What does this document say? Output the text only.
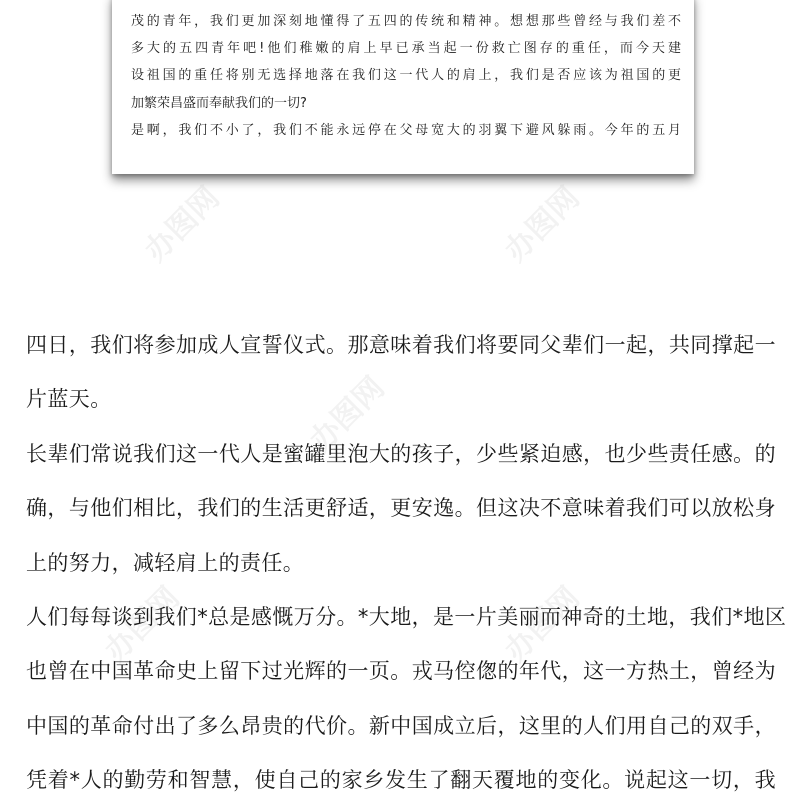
茂的青年，我们更加深刻地懂得了五四的传统和精神。想想那些曾经与我们差不
多大的五四青年吧!他们稚嫩的肩上早已承当起一份救亡图存的重任，而今天建
设祖国的重任将别无选择地落在我们这一代人的肩上，我们是否应该为祖国的更
加繁荣昌盛而奉献我们的一切?
是啊，我们不小了，我们不能永远停在父母宽大的羽翼下避风躲雨。今年的五月
办图网	办图网
办图网
办图网	办图网
四日，我们将参加成人宣誓仪式。那意味着我们将要同父辈们一起，共同撑起一
片蓝天。
长辈们常说我们这一代人是蜜罐里泡大的孩子，少些紧迫感，也少些责任感。的
确，与他们相比，我们的生活更舒适，更安逸。但这决不意味着我们可以放松身
上的努力，减轻肩上的责任。
人们每每谈到我们*总是感慨万分。*大地，是一片美丽而神奇的土地，我们*地区
也曾在中国革命史上留下过光辉的一页。戎马倥偬的年代，这一方热土，曾经为
中国的革命付出了多么昂贵的代价。新中国成立后，这里的人们用自己的双手，
凭着*人的勤劳和智慧，使自己的家乡发生了翻天覆地的变化。说起这一切，我
